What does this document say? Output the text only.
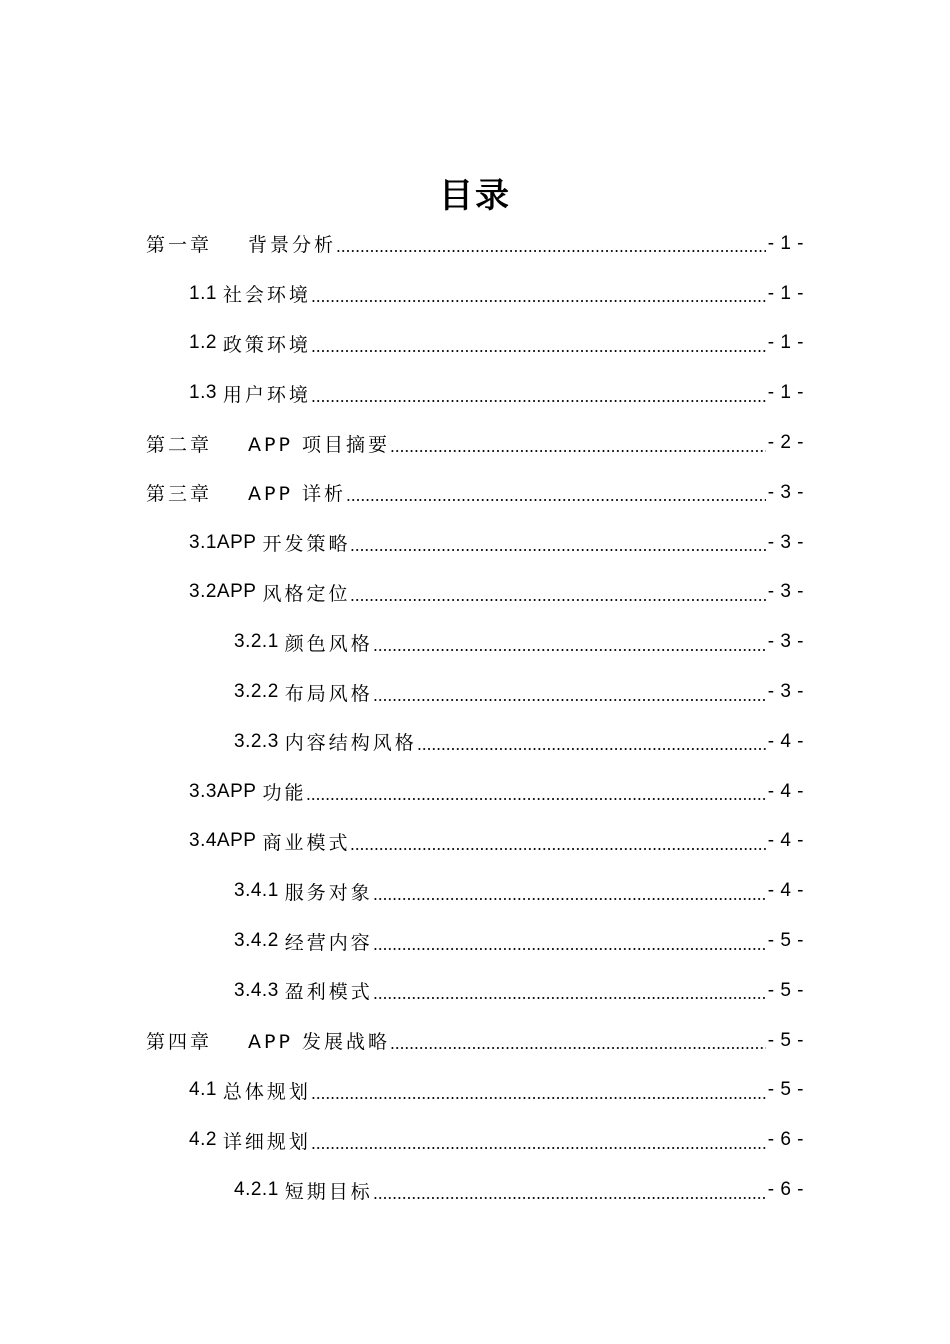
目录
第一章 背景分析	- 1 -
1.1 社会环境	- 1 -
1.2 政策环境	- 1 -
1.3 用户环境	- 1 -
第二章 APP 项目摘要	- 2 -
第三章 APP 详析	- 3 -
3.1APP 开发策略	- 3 -
3.2APP 风格定位	- 3 -
3.2.1 颜色风格	- 3 -
3.2.2 布局风格	- 3 -
3.2.3 内容结构风格	- 4 -
3.3APP 功能	- 4 -
3.4APP 商业模式	- 4 -
3.4.1 服务对象	- 4 -
3.4.2 经营内容	- 5 -
3.4.3 盈利模式	- 5 -
第四章 APP 发展战略	- 5 -
4.1 总体规划	- 5 -
4.2 详细规划	- 6 -
4.2.1 短期目标	- 6 -
